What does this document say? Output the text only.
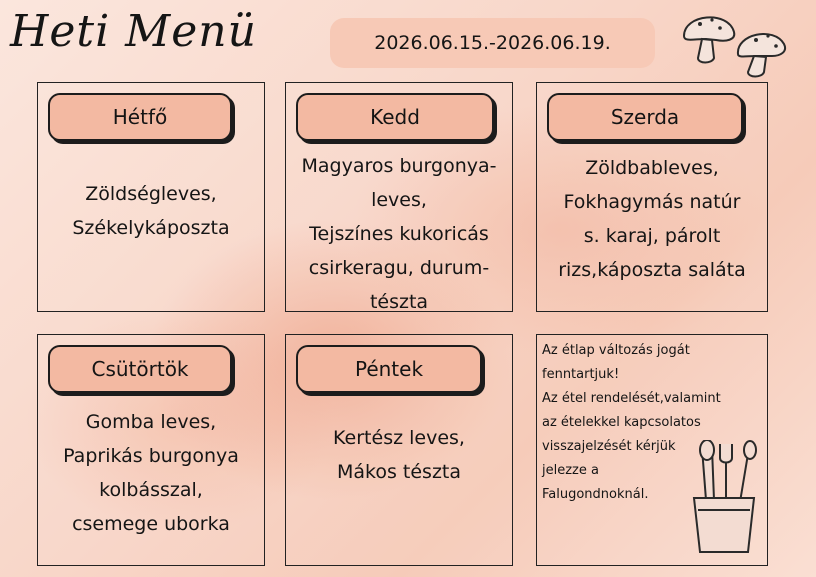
Heti Menü	2026.06.15.-2026.06.19.
Hétfő
Zöldségleves,
Székelykáposzta
Kedd
Magyaros burgonya-
leves,
Tejszínes kukoricás
csirkeragu, durum-
tészta
Szerda
Zöldbableves,
Fokhagymás natúr
s. karaj, párolt
rizs,káposzta saláta
Csütörtök
Gomba leves,
Paprikás burgonya
kolbásszal,
csemege uborka
Péntek
Kertész leves,
Mákos tészta
Az étlap változás jogát
fenntartjuk!
Az étel rendelését,valamint
az ételekkel kapcsolatos
visszajelzését kérjük
jelezze a
Falugondnoknál.
